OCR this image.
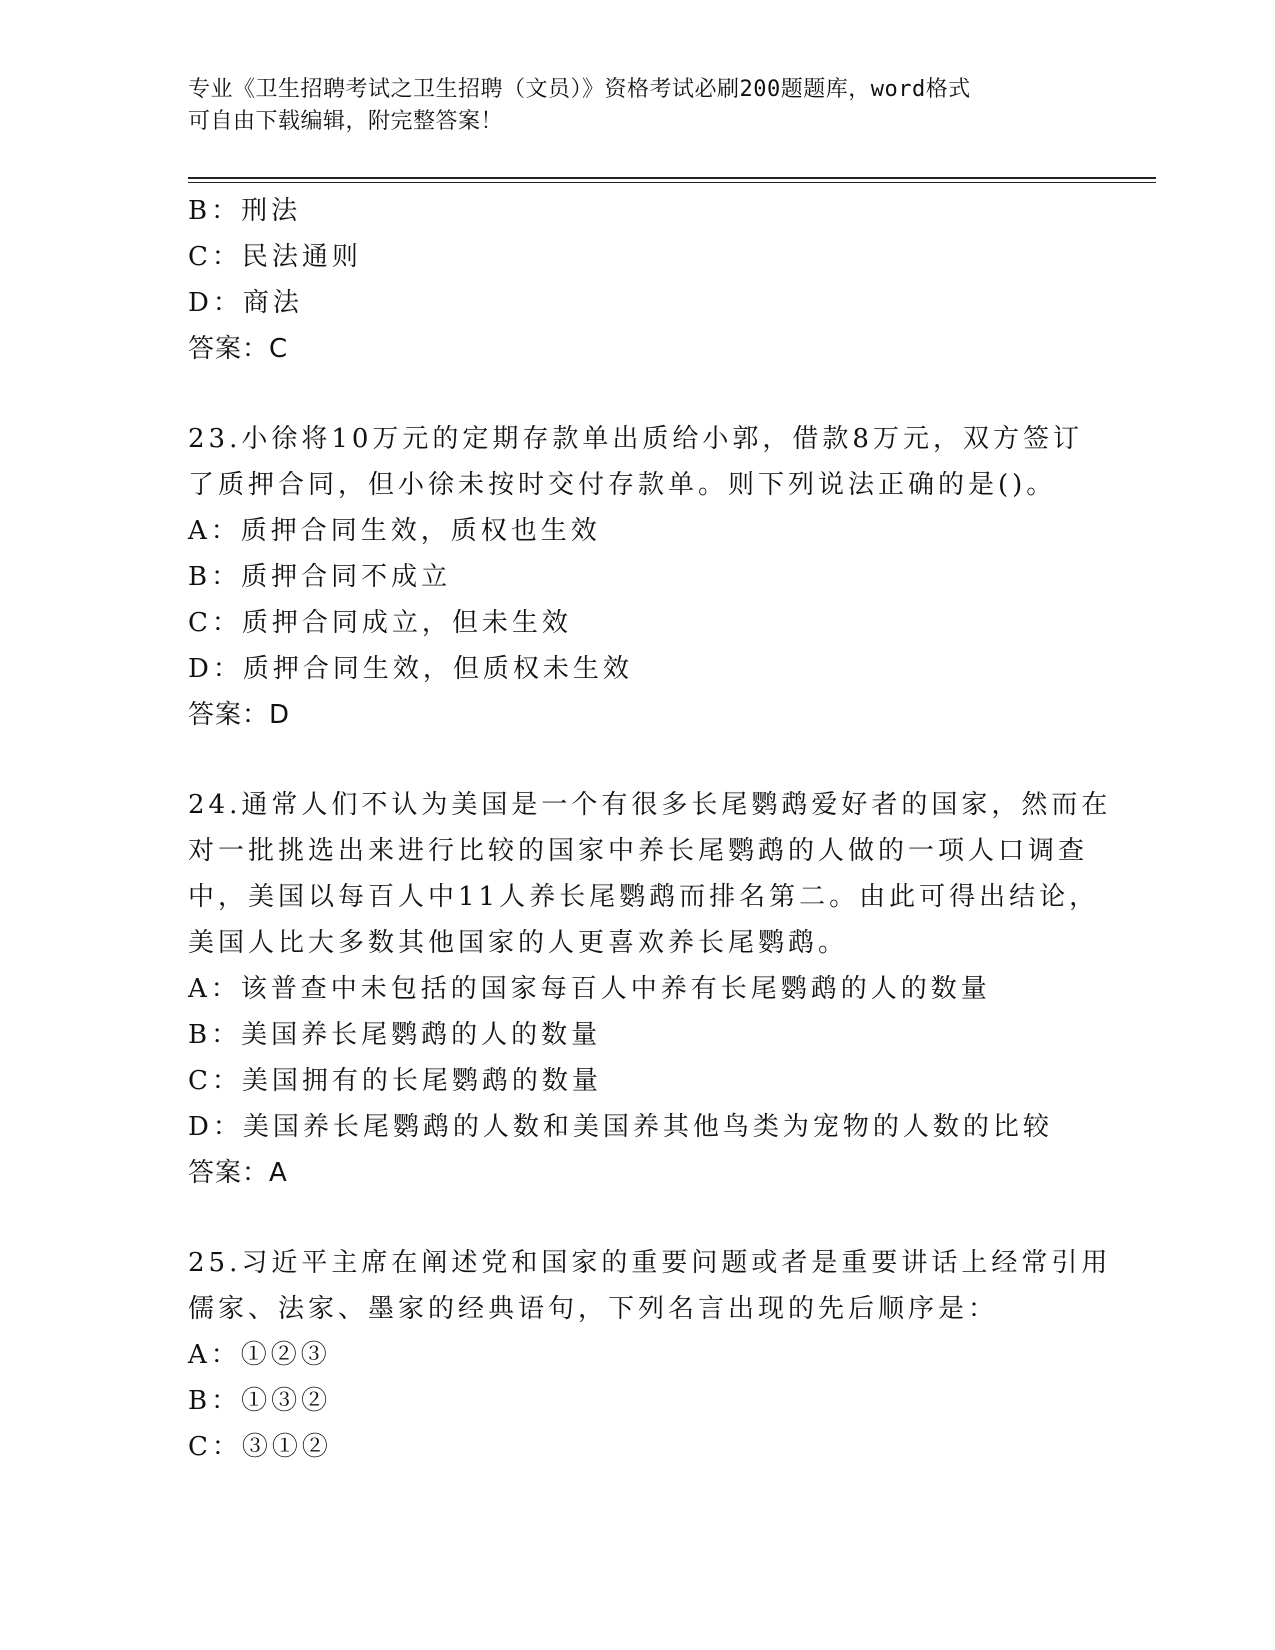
专业《卫生招聘考试之卫生招聘（文员）》资格考试必刷200题题库，word格式
可自由下载编辑，附完整答案！
B：刑法
C：民法通则
D：商法
答案：C
23.小徐将10万元的定期存款单出质给小郭，借款8万元，双方签订
了质押合同，但小徐未按时交付存款单。则下列说法正确的是()。
A：质押合同生效，质权也生效
B：质押合同不成立
C：质押合同成立，但未生效
D：质押合同生效，但质权未生效
答案：D
24.通常人们不认为美国是一个有很多长尾鹦鹉爱好者的国家，然而在
对一批挑选出来进行比较的国家中养长尾鹦鹉的人做的一项人口调查
中，美国以每百人中11人养长尾鹦鹉而排名第二。由此可得出结论，
美国人比大多数其他国家的人更喜欢养长尾鹦鹉。
A：该普查中未包括的国家每百人中养有长尾鹦鹉的人的数量
B：美国养长尾鹦鹉的人的数量
C：美国拥有的长尾鹦鹉的数量
D：美国养长尾鹦鹉的人数和美国养其他鸟类为宠物的人数的比较
答案：A
25.习近平主席在阐述党和国家的重要问题或者是重要讲话上经常引用
儒家、法家、墨家的经典语句，下列名言出现的先后顺序是：
A：①②③
B：①③②
C：③①②
